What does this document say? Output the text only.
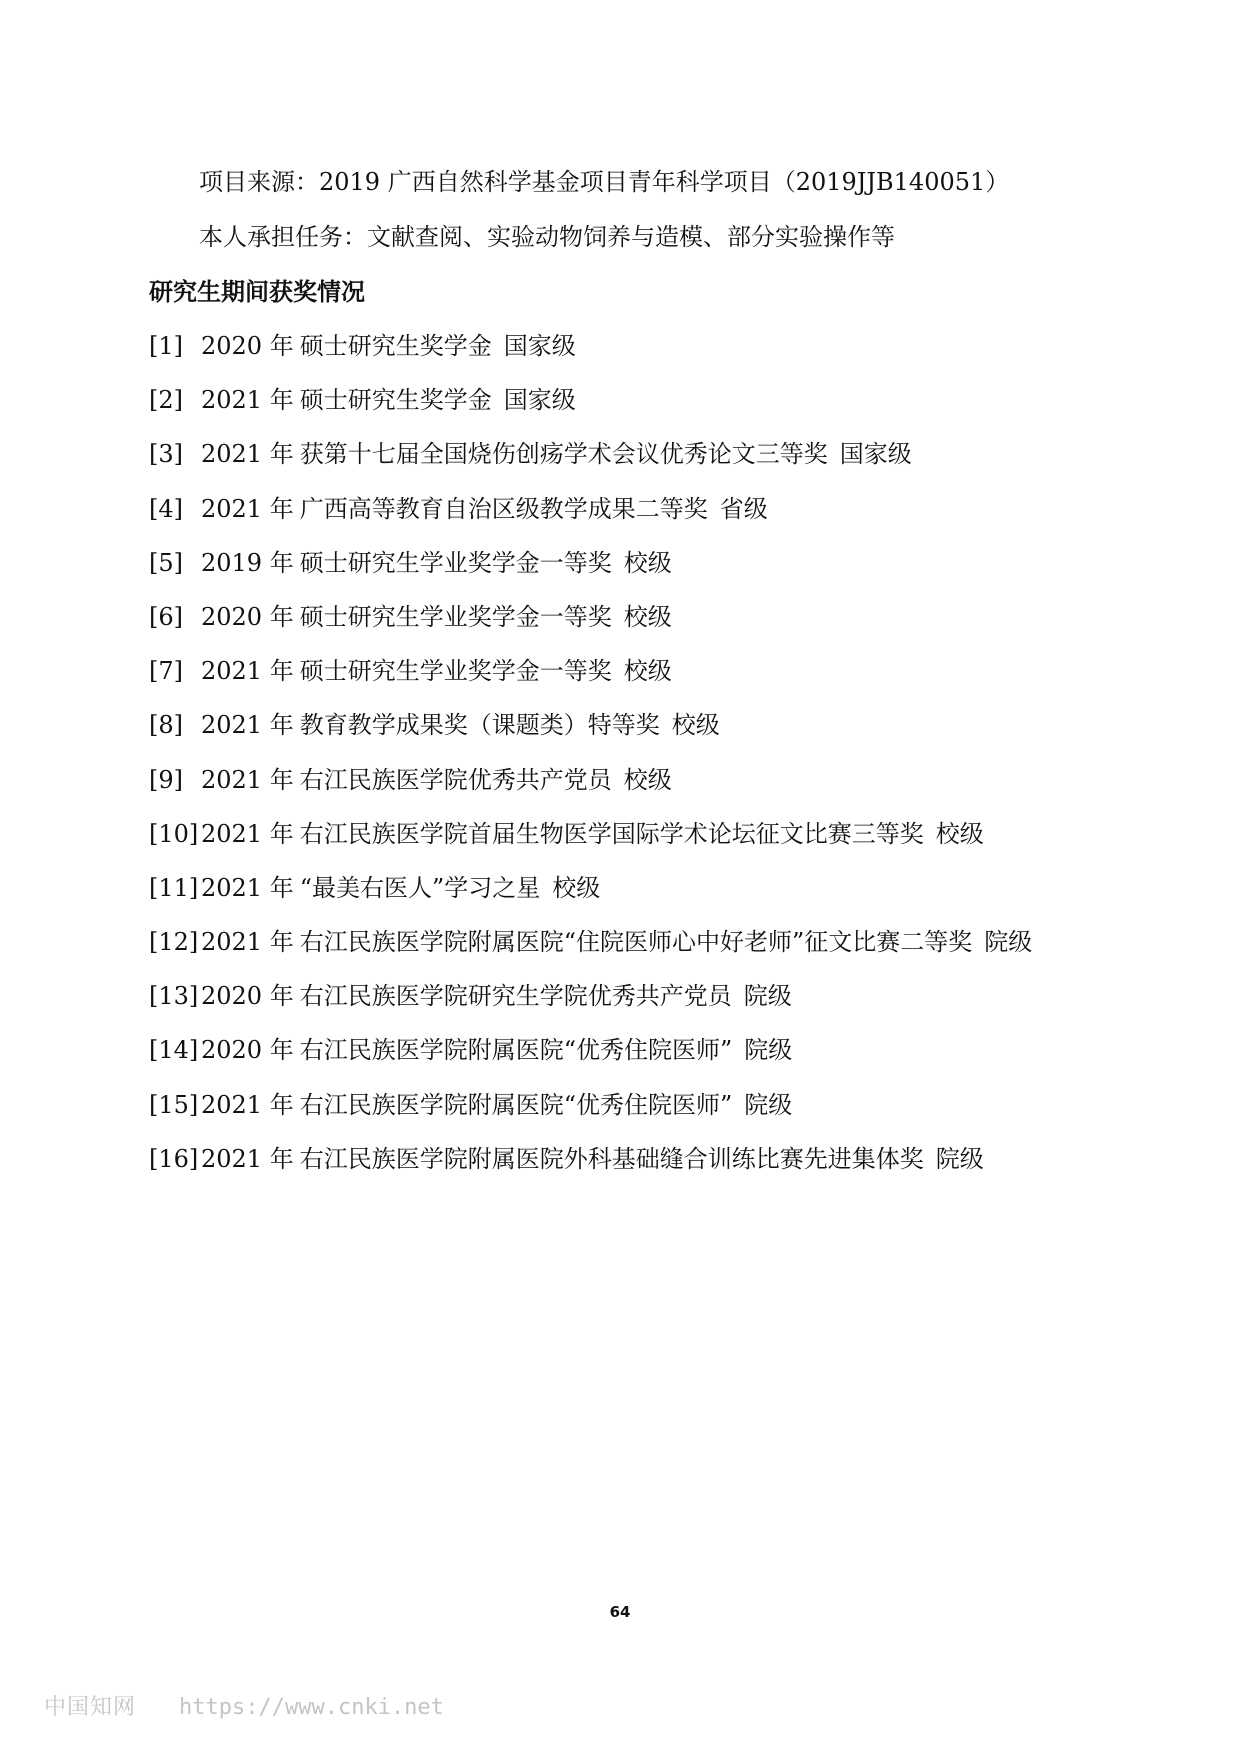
项目来源：2019 广西自然科学基金项目青年科学项目（2019JJB140051）
本人承担任务：文献查阅、实验动物饲养与造模、部分实验操作等
研究生期间获奖情况
[1] 2020 年 硕士研究生奖学金 国家级
[2] 2021 年 硕士研究生奖学金 国家级
[3] 2021 年 获第十七届全国烧伤创疡学术会议优秀论文三等奖 国家级
[4] 2021 年 广西高等教育自治区级教学成果二等奖 省级
[5] 2019 年 硕士研究生学业奖学金一等奖 校级
[6] 2020 年 硕士研究生学业奖学金一等奖 校级
[7] 2021 年 硕士研究生学业奖学金一等奖 校级
[8] 2021 年 教育教学成果奖（课题类）特等奖 校级
[9] 2021 年 右江民族医学院优秀共产党员 校级
[10] 2021 年 右江民族医学院首届生物医学国际学术论坛征文比赛三等奖 校级
[11] 2021 年 “最美右医人”学习之星 校级
[12] 2021 年 右江民族医学院附属医院“住院医师心中好老师”征文比赛二等奖 院级
[13] 2020 年 右江民族医学院研究生学院优秀共产党员 院级
[14] 2020 年 右江民族医学院附属医院“优秀住院医师” 院级
[15] 2021 年 右江民族医学院附属医院“优秀住院医师” 院级
[16] 2021 年 右江民族医学院附属医院外科基础缝合训练比赛先进集体奖 院级
64
中国知网 https://www.cnki.net
